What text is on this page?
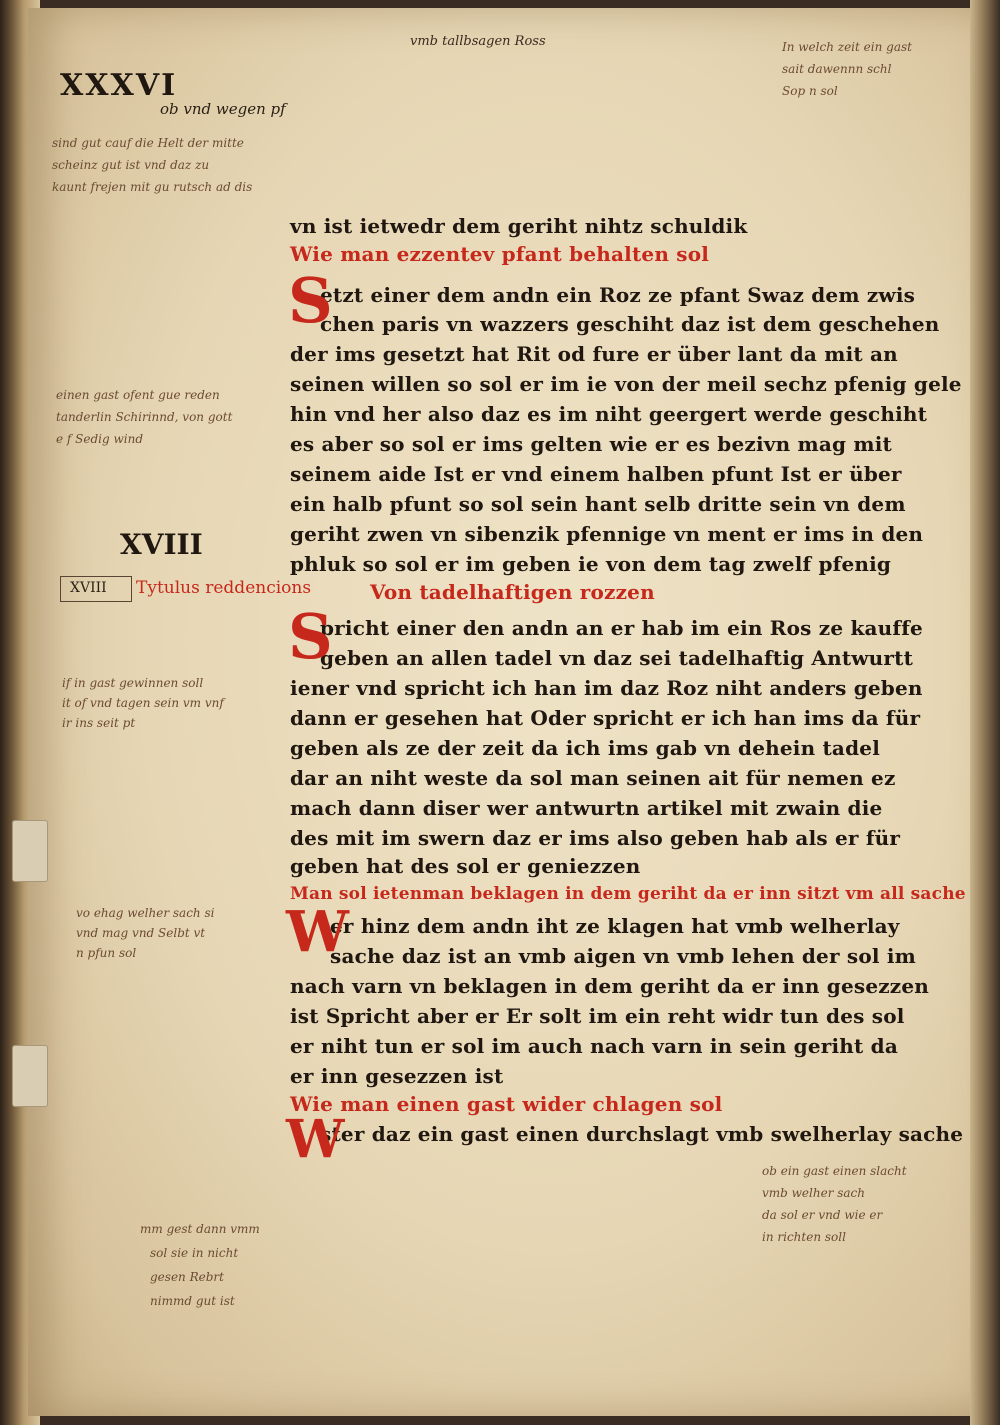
vmb tallbsagen Ross
XXXVI
ob vnd wegen pf
sind gut cauf die Helt der mitte
scheinz gut ist vnd daz zu
kaunt frejen mit gu rutsch ad dis
In welch zeit ein gast
sait dawennn schl
Sop n sol
vn ist ietwedr dem geriht nihtz schuldik
Wie man ezzentev pfant behalten sol
etzt einer dem andn ein Roz ze pfant Swaz dem zwis
chen paris vn wazzers geschiht daz ist dem geschehen
der ims gesetzt hat Rit od fure er über lant da mit an
seinen willen so sol er im ie von der meil sechz pfenig gele
hin vnd her also daz es im niht geergert werde geschiht
es aber so sol er ims gelten wie er es bezivn mag mit
seinem aide Ist er vnd einem halben pfunt Ist er über
ein halb pfunt so sol sein hant selb dritte sein vn dem
geriht zwen vn sibenzik pfennige vn ment er ims in den
phluk so sol er im geben ie von dem tag zwelf pfenig
Von tadelhaftigen rozzen
pricht einer den andn an er hab im ein Ros ze kauffe
geben an allen tadel vn daz sei tadelhaftig Antwurtt
iener vnd spricht ich han im daz Roz niht anders geben
dann er gesehen hat Oder spricht er ich han ims da für
geben als ze der zeit da ich ims gab vn dehein tadel
dar an niht weste da sol man seinen ait für nemen ez
mach dann diser wer antwurtn artikel mit zwain die
des mit im swern daz er ims also geben hab als er für
geben hat des sol er geniezzen
Man sol ietenman beklagen in dem geriht da er inn sitzt vm all sache
er hinz dem andn iht ze klagen hat vmb welherlay
sache daz ist an vmb aigen vn vmb lehen der sol im
nach varn vn beklagen in dem geriht da er inn gesezzen
ist Spricht aber er Er solt im ein reht widr tun des sol
er niht tun er sol im auch nach varn in sein geriht da
er inn gesezzen ist
Wie man einen gast wider chlagen sol
ster daz ein gast einen durchslagt vmb swelherlay sache
S
S
W
W
einen gast ofent gue reden
tanderlin Schirinnd, von gott
e f Sedig wind
XVIII
XVIII Tytulus reddencions
if in gast gewinnen soll
it of vnd tagen sein vm vnf
ir ins seit pt
vo ehag welher sach si
vnd mag vnd Selbt vt
n pfun sol
mm gest dann vmm
sol sie in nicht
gesen Rebrt
nimmd gut ist
ob ein gast einen slacht
vmb welher sach
da sol er vnd wie er
in richten soll
